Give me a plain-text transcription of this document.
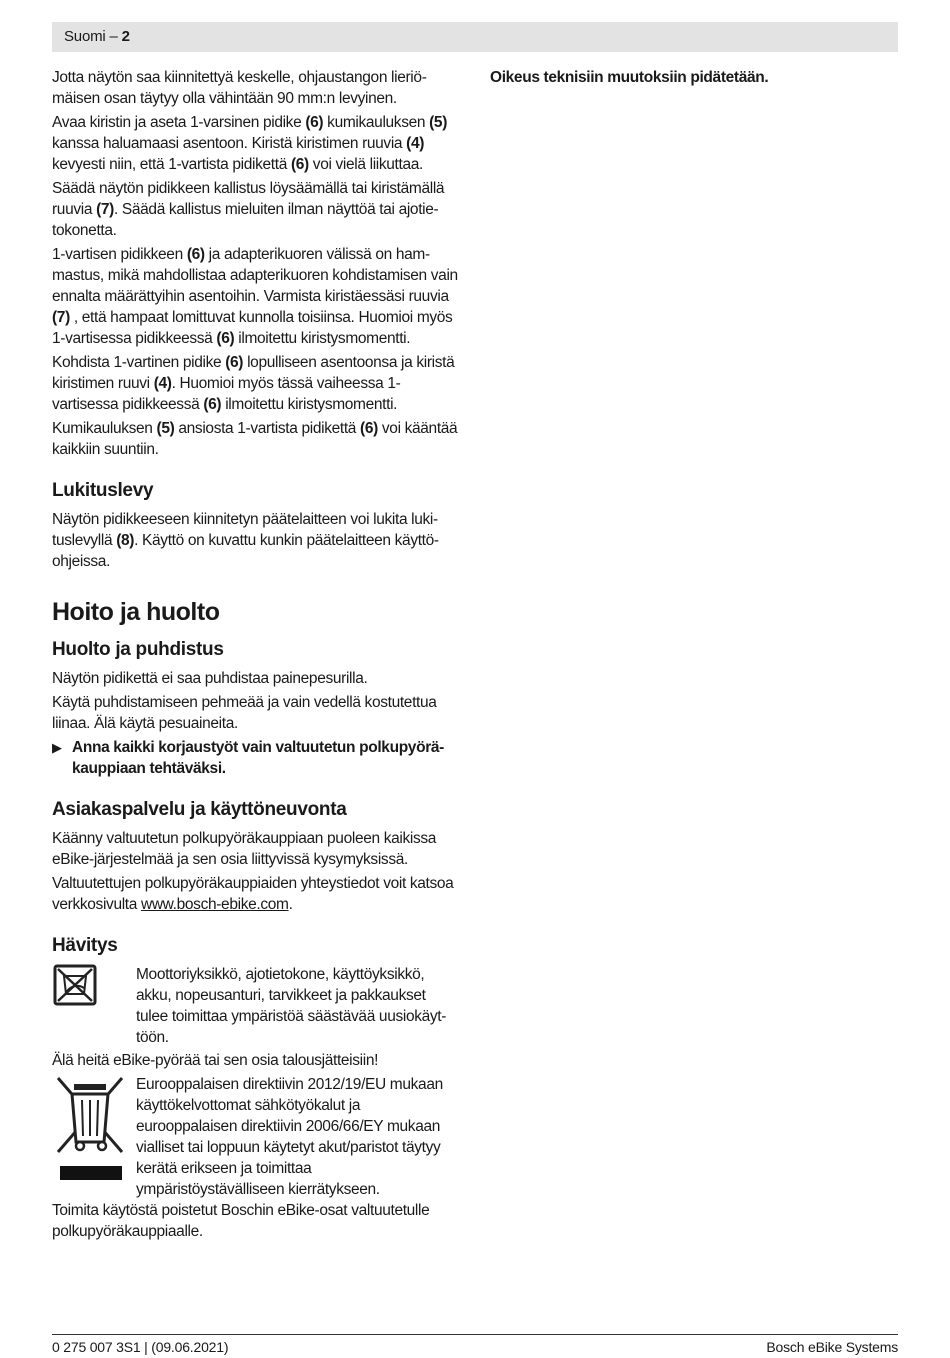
Suomi – 2

Jotta näytön saa kiinnitettyä keskelle, ohjaustangon lieriömäisen osan täytyy olla vähintään 90 mm:n levyinen.

Avaa kiristin ja aseta 1-varsinen pidike (6) kumikauluksen (5) kanssa haluamaasi asentoon. Kiristä kiristimen ruuvia (4) kevyesti niin, että 1-vartista pidikettä (6) voi vielä liikuttaa.

Säädä näytön pidikkeen kallistus löysäämällä tai kiristämällä ruuvia (7). Säädä kallistus mieluiten ilman näyttöä tai ajotietokonetta.

1-vartisen pidikkeen (6) ja adapterikuoren välissä on hammastus, mikä mahdollistaa adapterikuoren kohdistamisen vain ennalta määrättyihin asentoihin. Varmista kiristäessäsi ruuvia (7) , että hampaat lomittuvat kunnolla toisiinsa. Huomioi myös 1-vartisessa pidikkeessä (6) ilmoitettu kiristysmomentti.

Kohdista 1-vartinen pidike (6) lopulliseen asentoonsa ja kiristä kiristimen ruuvi (4). Huomioi myös tässä vaiheessa 1-vartisessa pidikkeessä (6) ilmoitettu kiristysmomentti.

Kumikauluksen (5) ansiosta 1-vartista pidikettä (6) voi kääntää kaikkiin suuntiin.

Lukituslevy

Näytön pidikkeeseen kiinnitetyn päätelaitteen voi lukita lukituslevyllä (8). Käyttö on kuvattu kunkin päätelaitteen käyttöohjeissa.

Hoito ja huolto
Huolto ja puhdistus

Näytön pidikettä ei saa puhdistaa painepesurilla.

Käytä puhdistamiseen pehmeää ja vain vedellä kostutettua liinaa. Älä käytä pesuaineita.

▶ Anna kaikki korjaustyöt vain valtuutetun polkupyöräkauppiaan tehtäväksi.
Asiakaspalvelu ja käyttöneuvonta

Käänny valtuutetun polkupyöräkauppiaan puoleen kaikissa eBike-järjestelmää ja sen osia liittyvissä kysymyksissä.

Valtuutettujen polkupyöräkauppiaiden yhteystiedot voit katsoa verkkosivulta www.bosch-ebike.com.

Hävitys
Moottoriyksikkö, ajotietokone, käyttöyksikkö, akku, nopeusanturi, tarvikkeet ja pakkaukset tulee toimittaa ympäristöä säästävää uusiokäyttöön.

Älä heitä eBike-pyörää tai sen osia talousjätteisiin!

Eurooppalaisen direktiivin 2012/19/EU mukaan käyttökelvottomat sähkötyökalut ja eurooppalaisen direktiivin 2006/66/EY mukaan vialliset tai loppuun käytetyt akut/paristot täytyy kerätä erikseen ja toimittaa ympäristöystävälliseen kierrätykseen.

Toimita käytöstä poistetut Boschin eBike-osat valtuutetulle polkupyöräkauppiaalle.

Oikeus teknisiin muutoksiin pidätetään.

0 275 007 3S1 | (09.06.2021)	Bosch eBike Systems
